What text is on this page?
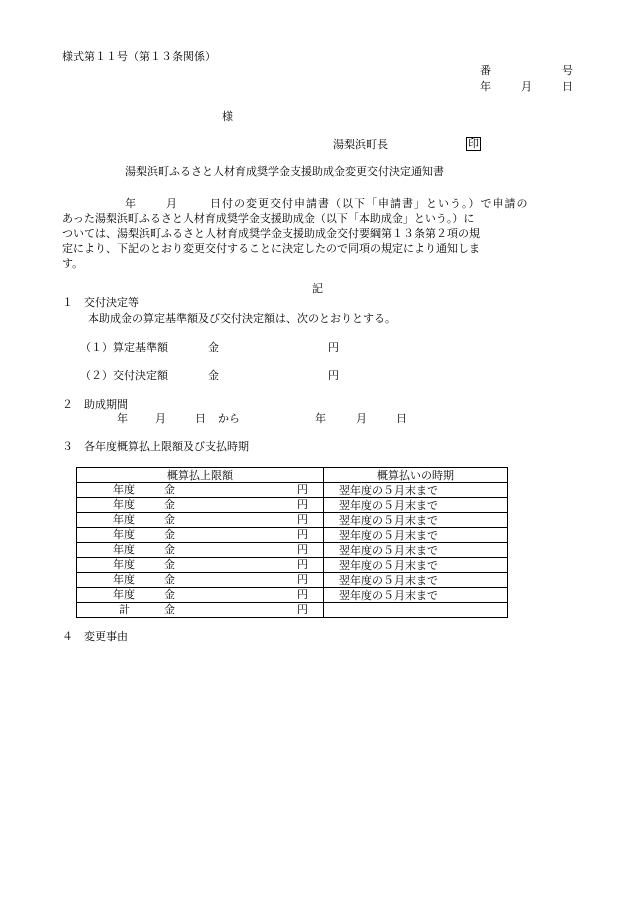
様式第１１号（第１３条関係）
番	号
年	月	日
様
湯梨浜町長	印
湯梨浜町ふるさと人材育成奨学金支援助成金変更交付決定通知書
年	月	日付の変更交付申請書（以下「申請書」という。）で申請の
あった湯梨浜町ふるさと人材育成奨学金支援助成金（以下「本助成金」という。）に
ついては、湯梨浜町ふるさと人材育成奨学金支援助成金交付要綱第１３条第２項の規
定により、下記のとおり変更交付することに決定したので同項の規定により通知しま
す。
記
１　交付決定等
本助成金の算定基準額及び交付決定額は、次のとおりとする。
（１）算定基準額	金	円
（２）交付決定額	金	円
２　助成期間
年 月	日 から	年	月	日
３　各年度概算払上限額及び支払時期
概算払上限額	概算払いの時期

年度 金 円	翌年度の５月末まで

年度 金 円	翌年度の５月末まで

年度 金 円	翌年度の５月末まで

年度 金 円	翌年度の５月末まで

年度 金 円	翌年度の５月末まで

年度 金 円	翌年度の５月末まで

年度 金 円	翌年度の５月末まで

年度 金 円	翌年度の５月末まで

計 金 円	

４　変更事由
